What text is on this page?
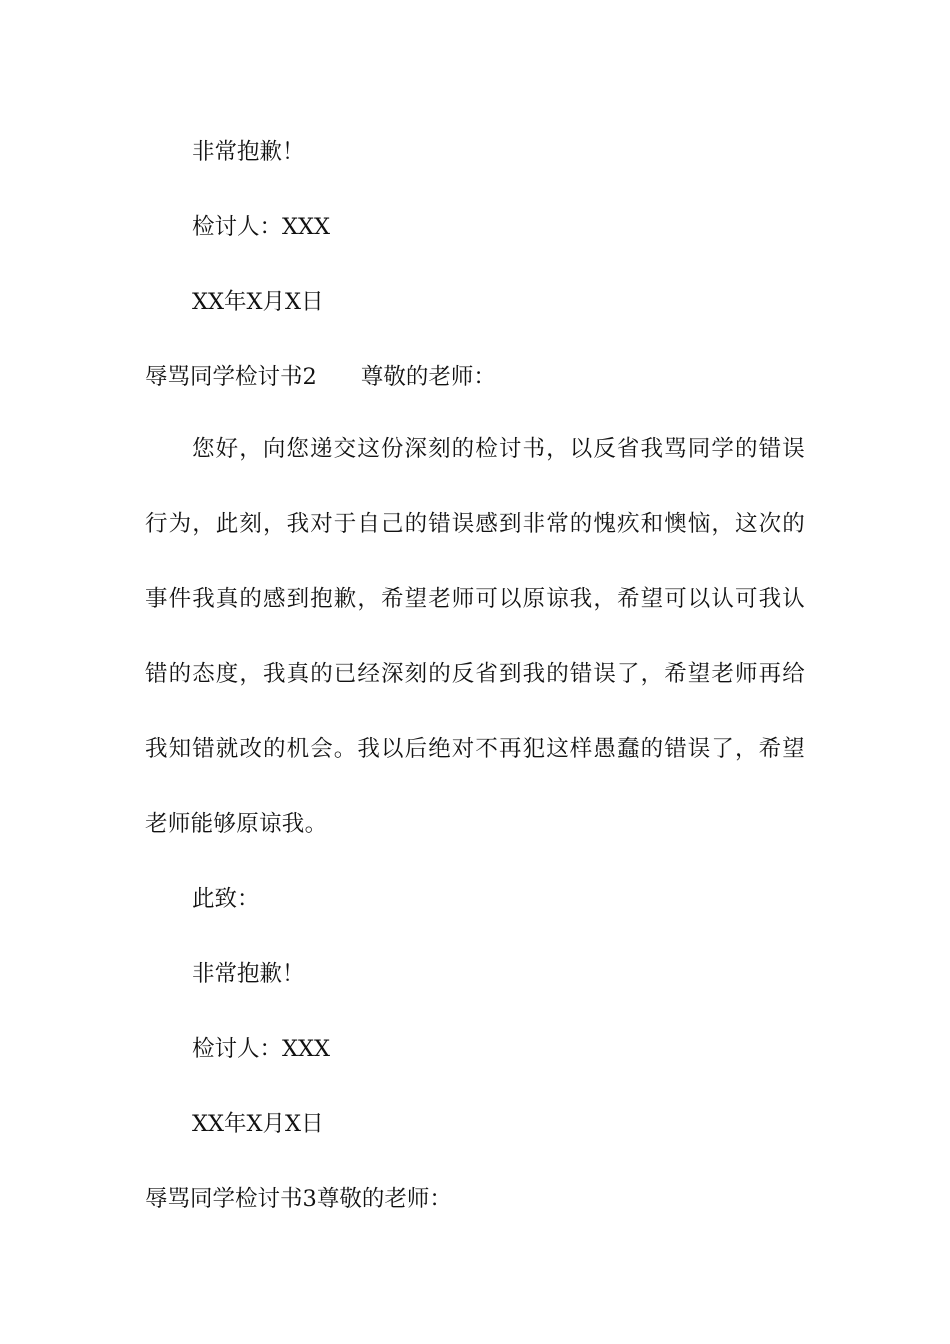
非常抱歉！
检讨人：XXX
XX年X月X日
辱骂同学检讨书2 尊敬的老师：
您好，向您递交这份深刻的检讨书，以反省我骂同学的错误行为，此刻，我对于自己的错误感到非常的愧疚和懊恼，这次的事件我真的感到抱歉，希望老师可以原谅我，希望可以认可我认错的态度，我真的已经深刻的反省到我的错误了，希望老师再给我知错就改的机会。我以后绝对不再犯这样愚蠢的错误了，希望老师能够原谅我。
此致：
非常抱歉！
检讨人：XXX
XX年X月X日
辱骂同学检讨书3尊敬的老师：
